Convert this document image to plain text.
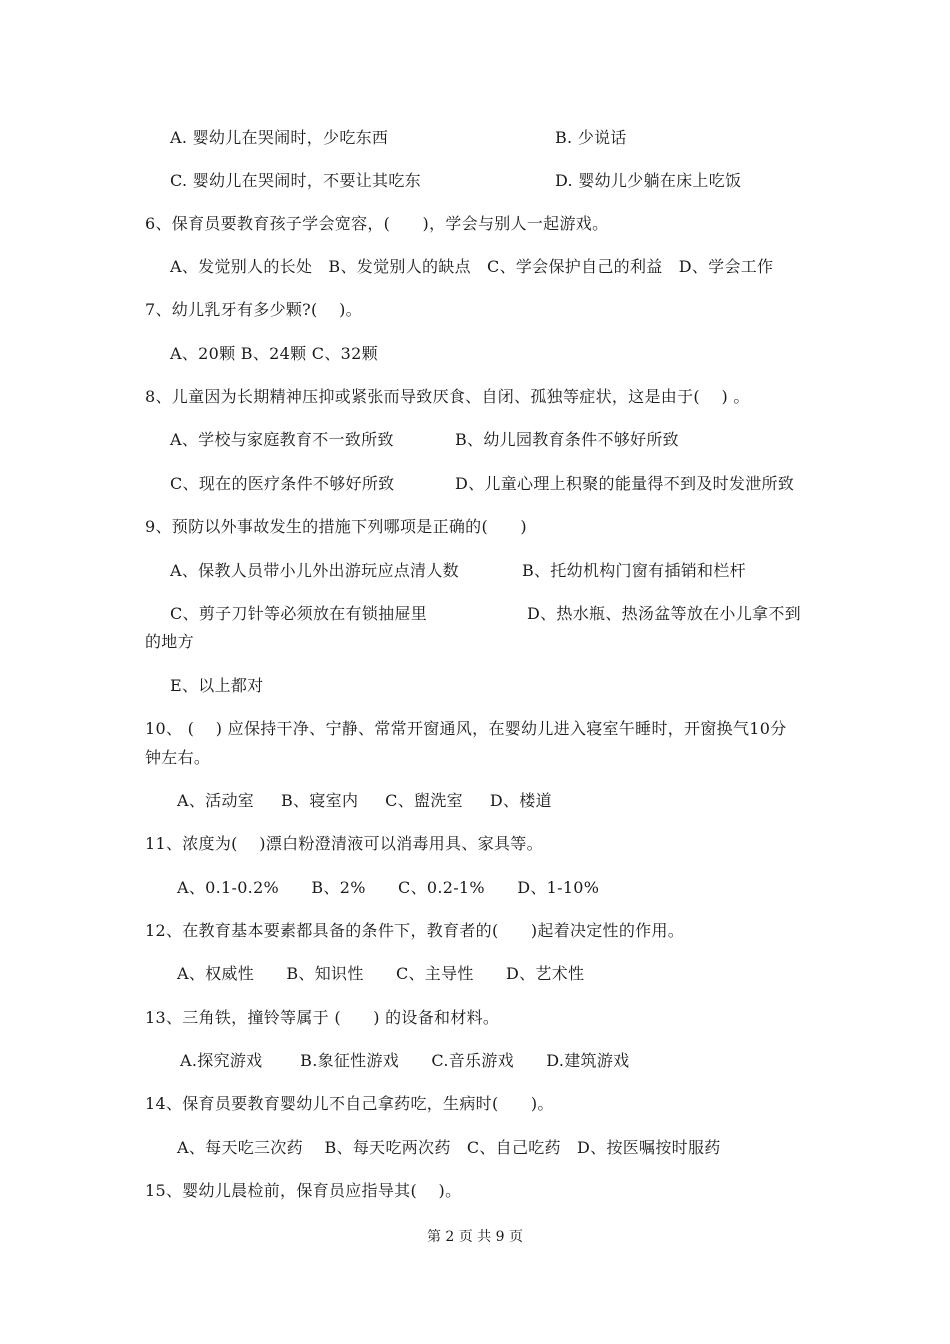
A. 婴幼儿在哭闹时，少吃东西	B. 少说话
C. 婴幼儿在哭闹时，不要让其吃东	D. 婴幼儿少躺在床上吃饭
6、保育员要教育孩子学会宽容，(      )，学会与别人一起游戏。
A、发觉别人的长处   B、发觉别人的缺点   C、学会保护自己的利益   D、学会工作
7、幼儿乳牙有多少颗?(    )。
A、20颗 B、24颗 C、32颗
8、儿童因为长期精神压抑或紧张而导致厌食、自闭、孤独等症状，这是由于(    ) 。
A、学校与家庭教育不一致所致	B、幼儿园教育条件不够好所致
C、现在的医疗条件不够好所致	D、儿童心理上积聚的能量得不到及时发泄所致
9、预防以外事故发生的措施下列哪项是正确的(      )
A、保教人员带小儿外出游玩应点清人数	B、托幼机构门窗有插销和栏杆
C、剪子刀针等必须放在有锁抽屉里	D、热水瓶、热汤盆等放在小儿拿不到
的地方
E、以上都对
10、 (    ) 应保持干净、宁静、常常开窗通风，在婴幼儿进入寝室午睡时，开窗换气10分
钟左右。
A、活动室     B、寝室内     C、盥洗室     D、楼道
11、浓度为(    )漂白粉澄清液可以消毒用具、家具等。
A、0.1-0.2%      B、2%      C、0.2-1%      D、1-10%
12、在教育基本要素都具备的条件下，教育者的(      )起着决定性的作用。
A、权威性      B、知识性      C、主导性      D、艺术性
13、三角铁，撞铃等属于 (      ) 的设备和材料。
A.探究游戏       B.象征性游戏      C.音乐游戏      D.建筑游戏
14、保育员要教育婴幼儿不自己拿药吃，生病时(      )。
A、每天吃三次药    B、每天吃两次药   C、自己吃药   D、按医嘱按时服药
15、婴幼儿晨检前，保育员应指导其(    )。
第 2 页 共 9 页
